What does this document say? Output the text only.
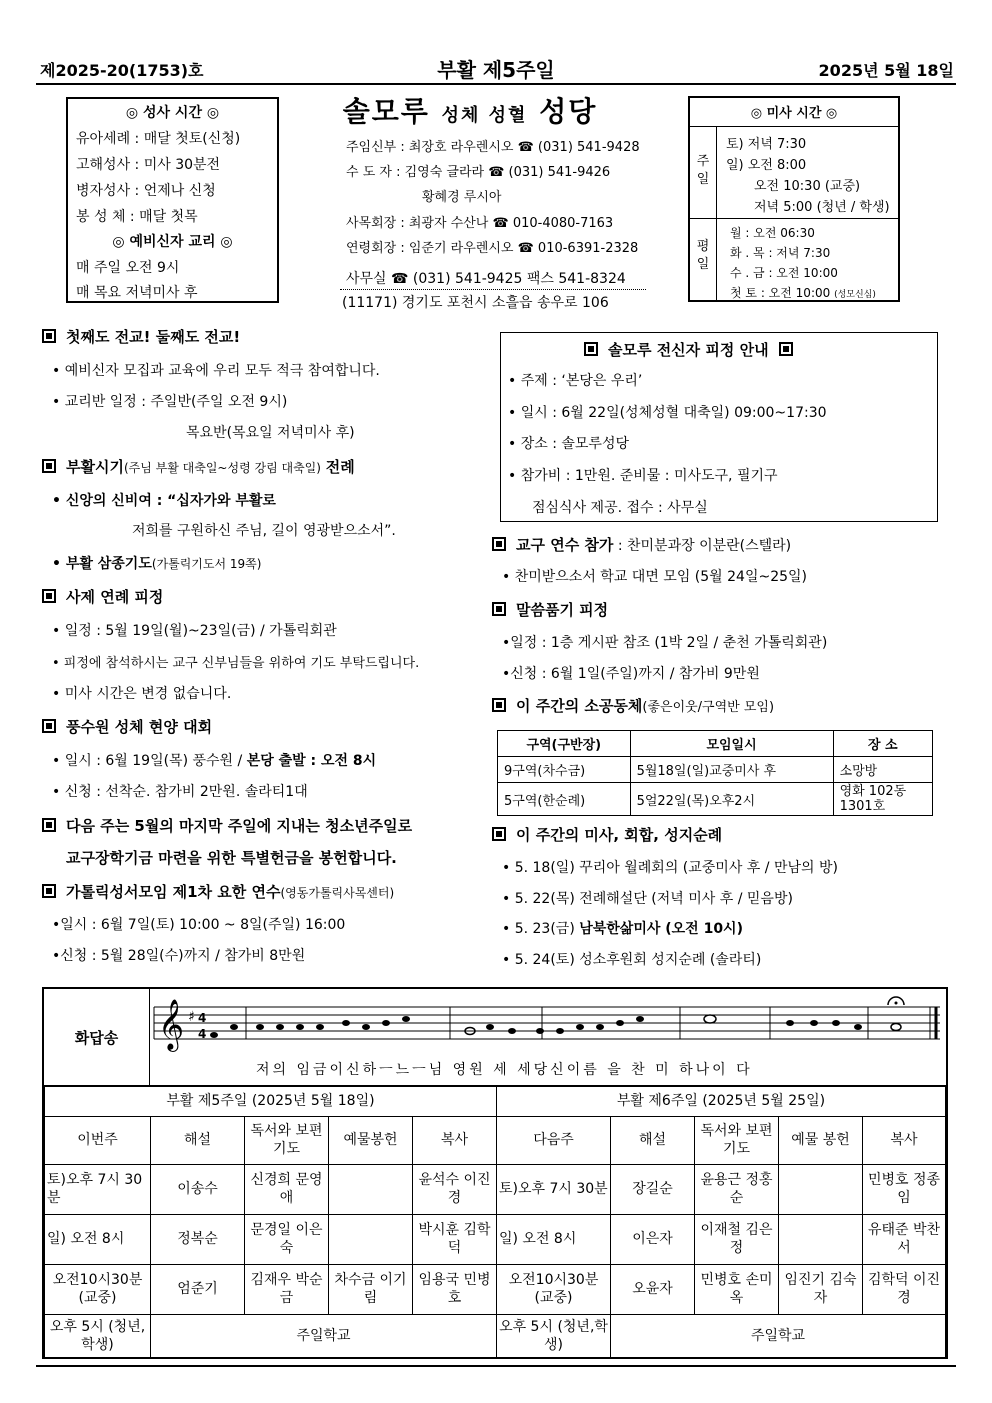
제2025-20(1753)호	부활 제5주일	2025년 5월 18일
◎ 성사 시간 ◎
유아세례 : 매달 첫토(신청)
고해성사 : 미사 30분전
병자성사 : 언제나 신청
봉 성 체 : 매달 첫목
◎ 예비신자 교리 ◎
매 주일 오전 9시
매 목요 저녁미사 후
솔모루 성체 성혈 성당
주임신부 : 최장호 라우렌시오 ☎ (031) 541-9428
수 도 자 : 김영숙 글라라 ☎ (031) 541-9426
황혜경 루시아
사목회장 : 최광자 수산나 ☎ 010-4080-7163
연령회장 : 임준기 라우렌시오 ☎ 010-6391-2328
사무실 ☎ (031) 541-9425 팩스 541-8324
(11171) 경기도 포천시 소흘읍 송우로 106
◎ 미사 시간 ◎
주일
토) 저녁 7:30
일) 오전 8:00
오전 10:30 (교중)
저녁 5:00 (청년 / 학생)
평일
월 : 오전 06:30
화 . 목 : 저녁 7:30
수 . 금 : 오전 10:00
첫 토 : 오전 10:00 (성모신심)
첫째도 전교! 둘째도 전교!
• 예비신자 모집과 교육에 우리 모두 적극 참여합니다.
• 교리반 일정 : 주일반(주일 오전 9시)
목요반(목요일 저녁미사 후)
부활시기(주님 부활 대축일~성령 강림 대축일) 전례
• 신앙의 신비여 : “십자가와 부활로
저희를 구원하신 주님, 길이 영광받으소서”.
• 부활 삼종기도(가톨릭기도서 19쪽)
사제 연례 피정
• 일정 : 5월 19일(월)~23일(금) / 가톨릭회관
• 피정에 참석하시는 교구 신부님들을 위하여 기도 부탁드립니다.
• 미사 시간은 변경 없습니다.
풍수원 성체 현양 대회
• 일시 : 6월 19일(목) 풍수원 / 본당 출발 : 오전 8시
• 신청 : 선착순. 참가비 2만원. 솔라티1대
다음 주는 5월의 마지막 주일에 지내는 청소년주일로
교구장학기금 마련을 위한 특별헌금을 봉헌합니다.
가톨릭성서모임 제1차 요한 연수(영동가톨릭사목센터)
•일시 : 6월 7일(토) 10:00 ~ 8일(주일) 16:00
•신청 : 5월 28일(수)까지 / 참가비 8만원
솔모루 전신자 피정 안내
• 주제 : ‘본당은 우리’
• 일시 : 6월 22일(성체성혈 대축일) 09:00~17:30
• 장소 : 솔모루성당
• 참가비 : 1만원. 준비물 : 미사도구, 필기구
점심식사 제공. 접수 : 사무실
교구 연수 참가 : 찬미분과장 이분란(스텔라)
• 찬미받으소서 학교 대면 모임 (5월 24일~25일)
말씀품기 피정
•일정 : 1층 게시판 참조 (1박 2일 / 춘천 가톨릭회관)
•신청 : 6월 1일(주일)까지 / 참가비 9만원
이 주간의 소공동체(좋은이웃/구역반 모임)
구역(구반장)	모임일시	장 소
9구역(차수금)	5월18일(일)교중미사 후	소망방
5구역(한순례)	5얼22일(목)오후2시	영화 102동1301호
이 주간의 미사, 회합, 성지순례
• 5. 18(일) 꾸리아 월례회의 (교중미사 후 / 만남의 방)
• 5. 22(목) 전례해설단 (저녁 미사 후 / 믿음방)
• 5. 23(금) 남북한삶미사 (오전 10시)
• 5. 24(토) 성소후원회 성지순례 (솔라티)
화답송 𝄞 ♯ 4
4
저의 임금이신하ㅡ느ㅡ님 영원 세 세당신이름 을 찬 미 하나이 다
부활 제5주일 (2025년 5월 18일)					부활 제6주일 (2025년 5월 25일)				
이번주	해설	독서와 보편기도	예물봉헌	복사	다음주	해설	독서와 보편기도	예물 봉헌	복사
토)오후 7시 30분	이송수	신경희 문영애		윤석수 이진경	토)오후 7시 30분	장길순	윤용근 정홍순		민병호 정종임
일) 오전 8시	정복순	문경일 이은숙		박시훈 김학덕	일) 오전 8시	이은자	이재철 김은정		유태준 박찬서
오전10시30분 (교중)	엄준기	김재우 박순금	차수금 이기림	임용국 민병호	오전10시30분 (교중)	오윤자	민병호 손미옥	임진기 김숙자	김학덕 이진경
오후 5시 (청년,학생)	주일학교				오후 5시 (청년,학생)	주일학교			
